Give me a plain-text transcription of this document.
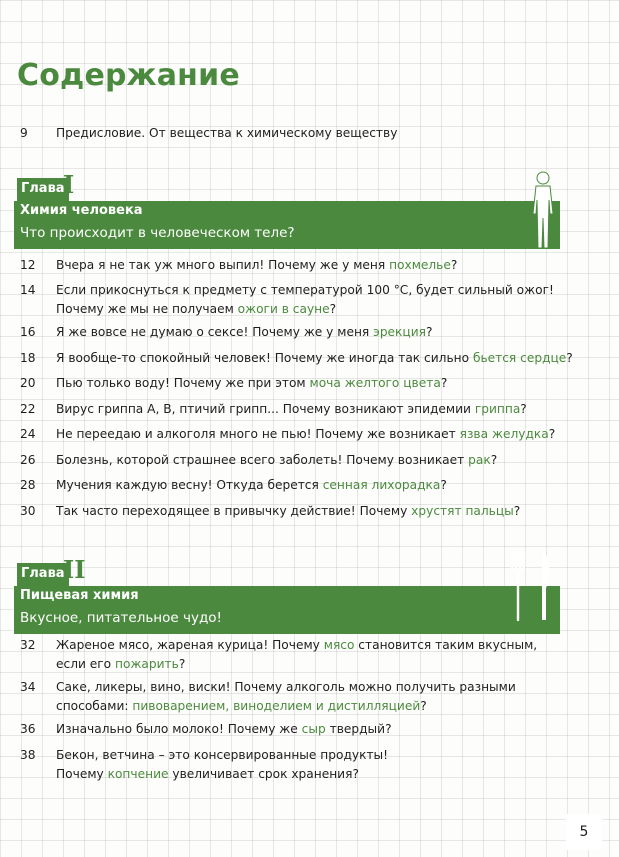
Содержание
9	Предисловие. От вещества к химическому веществу
Глава
I
Химия человека
Что происходит в человеческом теле?
12	Вчера я не так уж много выпил! Почему же у меня похмелье?
14	Если прикоснуться к предмету с температурой 100 °С, будет сильный ожог!
Почему же мы не получаем ожоги в сауне?
16	Я же вовсе не думаю о сексе! Почему же у меня эрекция?
18	Я вообще-то спокойный человек! Почему же иногда так сильно бьется сердце?
20	Пью только воду! Почему же при этом моча желтого цвета?
22	Вирус гриппа A, B, птичий грипп... Почему возникают эпидемии гриппа?
24	Не переедаю и алкоголя много не пью! Почему же возникает язва желудка?
26	Болезнь, которой страшнее всего заболеть! Почему возникает рак?
28	Мучения каждую весну! Откуда берется сенная лихорадка?
30	Так часто переходящее в привычку действие! Почему хрустят пальцы?
Глава
II
Пищевая химия
Вкусное, питательное чудо!
32	Жареное мясо, жареная курица! Почему мясо становится таким вкусным,
если его пожарить?
34	Саке, ликеры, вино, виски! Почему алкоголь можно получить разными
способами: пивоварением, виноделием и дистилляцией?
36	Изначально было молоко! Почему же сыр твердый?
38	Бекон, ветчина – это консервированные продукты!
Почему копчение увеличивает срок хранения?
5
